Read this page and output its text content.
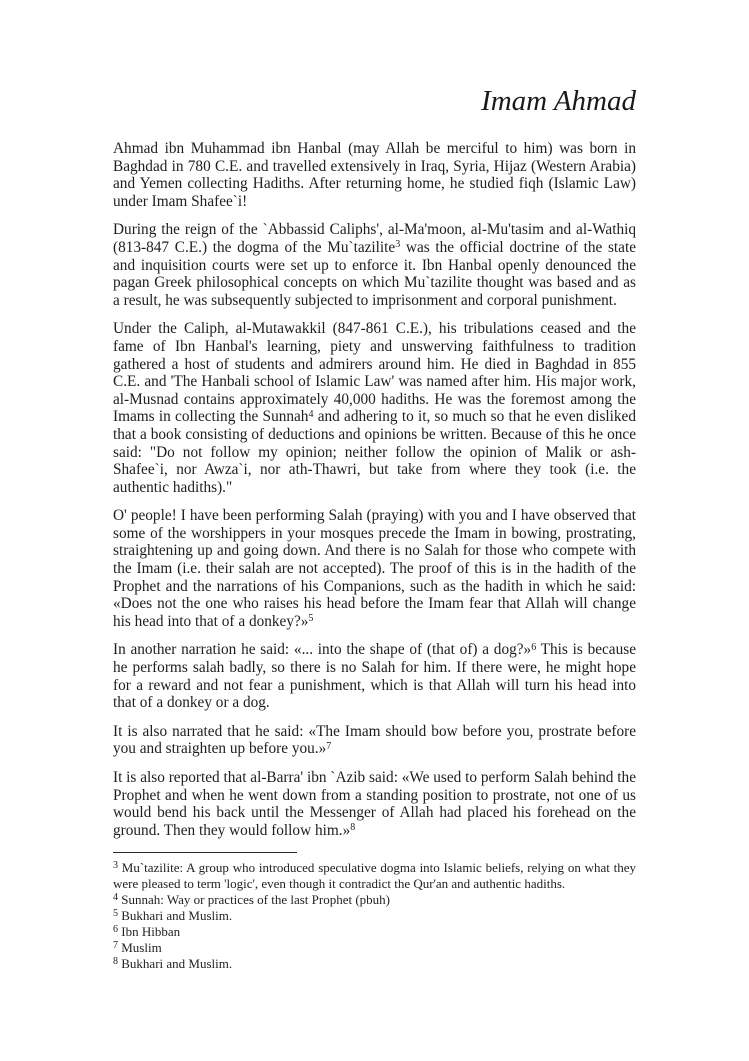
Imam Ahmad

Ahmad ibn Muhammad ibn Hanbal (may Allah be merciful to him) was born in Baghdad in 780 C.E. and travelled extensively in Iraq, Syria, Hijaz (Western Arabia) and Yemen collecting Hadiths. After returning home, he studied fiqh (Islamic Law) under Imam Shafee`i!

During the reign of the `Abbassid Caliphs', al-Ma'moon, al-Mu'tasim and al-Wathiq (813-847 C.E.) the dogma of the Mu`tazilite$^3$ was the official doctrine of the state and inquisition courts were set up to enforce it. Ibn Hanbal openly denounced the pagan Greek philosophical concepts on which Mu`tazilite thought was based and as a result, he was subsequently subjected to imprisonment and corporal punishment.

Under the Caliph, al-Mutawakkil (847-861 C.E.), his tribulations ceased and the fame of Ibn Hanbal's learning, piety and unswerving faithfulness to tradition gathered a host of students and admirers around him. He died in Baghdad in 855 C.E. and 'The Hanbali school of Islamic Law' was named after him. His major work, al-Musnad contains approximately 40,000 hadiths. He was the foremost among the Imams in collecting the Sunnah$^4$ and adhering to it, so much so that he even disliked that a book consisting of deductions and opinions be written. Because of this he once said: "Do not follow my opinion; neither follow the opinion of Malik or ash-Shafee`i, nor Awza`i, nor ath-Thawri, but take from where they took (i.e. the authentic hadiths)."

O' people! I have been performing Salah (praying) with you and I have observed that some of the worshippers in your mosques precede the Imam in bowing, prostrating, straightening up and going down. And there is no Salah for those who compete with the Imam (i.e. their salah are not accepted). The proof of this is in the hadith of the Prophet and the narrations of his Companions, such as the hadith in which he said: «Does not the one who raises his head before the Imam fear that Allah will change his head into that of a donkey?»$^5$

In another narration he said: «... into the shape of (that of) a dog?»$^6$ This is because he performs salah badly, so there is no Salah for him. If there were, he might hope for a reward and not fear a punishment, which is that Allah will turn his head into that of a donkey or a dog.

It is also narrated that he said: «The Imam should bow before you, prostrate before you and straighten up before you.»$^7$

It is also reported that al-Barra' ibn `Azib said: «We used to perform Salah behind the Prophet and when he went down from a standing position to prostrate, not one of us would bend his back until the Messenger of Allah had placed his forehead on the ground. Then they would follow him.»$^8$

$^3$ Mu`tazilite: A group who introduced speculative dogma into Islamic beliefs, relying on what they were pleased to term 'logic', even though it contradict the Qur'an and authentic hadiths.
$^4$ Sunnah: Way or practices of the last Prophet (pbuh)
$^5$ Bukhari and Muslim.
$^6$ Ibn Hibban
$^7$ Muslim
$^8$ Bukhari and Muslim.
